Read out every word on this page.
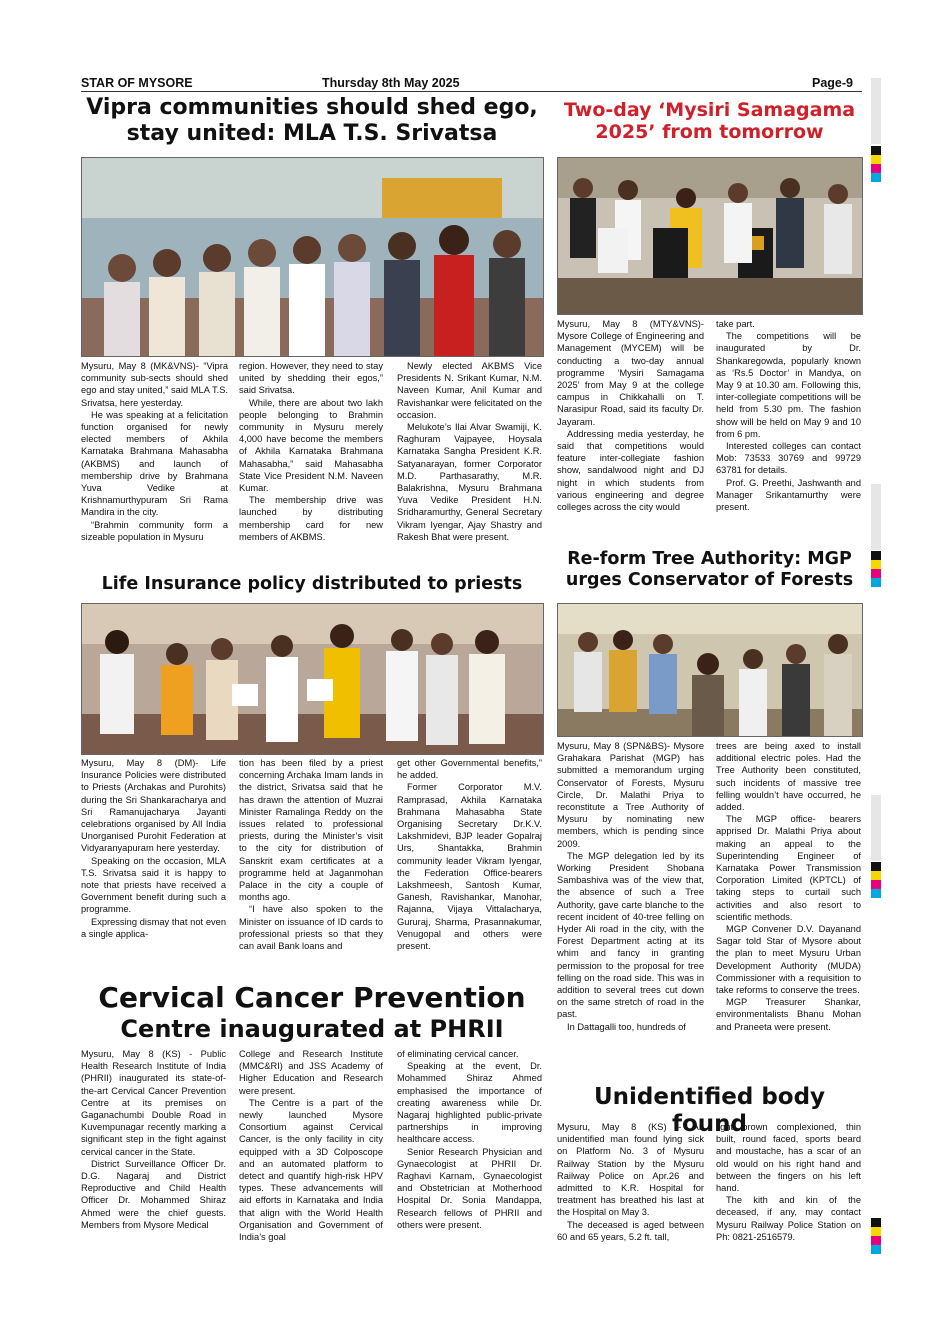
STAR OF MYSORE	Thursday 8th May 2025	Page-9
Vipra communities should shed ego,
stay united: MLA T.S. Srivatsa

Mysuru, May 8 (MK&VNS)- “Vipra community sub-sects should shed ego and stay united,” said MLA T.S. Srivatsa, here yesterday.

He was speaking at a felicitation function organised for newly elected members of Akhila Karnataka Brahmana Mahasabha (AKBMS) and launch of membership drive by Brahmana Yuva Vedike at Krishnamurthypuram Sri Rama Mandira in the city.

“Brahmin community form a sizeable population in Mysuru

region. However, they need to stay united by shedding their egos,” said Srivatsa.

While, there are about two lakh people belonging to Brahmin community in Mysuru merely 4,000 have become the members of Akhila Karnataka Brahmana Mahasabha,” said Mahasabha State Vice President N.M. Naveen Kumar.

The membership drive was launched by distributing membership card for new members of AKBMS.

Newly elected AKBMS Vice Presidents N. Srikant Kumar, N.M. Naveen Kumar, Anil Kumar and Ravishankar were felicitated on the occasion.

Melukote’s Ilai Alvar Swamiji, K. Raghuram Vajpayee, Hoysala Karnataka Sangha President K.R. Satyanarayan, former Corporator M.D. Parthasarathy, M.R. Balakrishna, Mysuru Brahmana Yuva Vedike President H.N. Sridharamurthy, General Secretary Vikram Iyengar, Ajay Shastry and Rakesh Bhat were present.

Two-day ‘Mysiri Samagama
2025’ from tomorrow

Mysuru, May 8 (MTY&VNS)- Mysore College of Engineering and Management (MYCEM) will be conducting a two-day annual programme ‘Mysiri Samagama 2025’ from May 9 at the college campus in Chikkahalli on T. Narasipur Road, said its faculty Dr. Jayaram.

Addressing media yesterday, he said that competitions would feature inter-collegiate fashion show, sandalwood night and DJ night in which students from various engineering and degree colleges across the city would

take part.

The competitions will be inaugurated by Dr. Shankaregowda, popularly known as ‘Rs.5 Doctor’ in Mandya, on May 9 at 10.30 am. Following this, inter-collegiate competitions will be held from 5.30 pm. The fashion show will be held on May 9 and 10 from 6 pm.

Interested colleges can contact Mob: 73533 30769 and 99729 63781 for details.

Prof. G. Preethi, Jashwanth and Manager Srikantamurthy were present.

Life Insurance policy distributed to priests

Mysuru, May 8 (DM)- Life Insurance Policies were distributed to Priests (Archakas and Purohits) during the Sri Shankaracharya and Sri Ramanujacharya Jayanti celebrations organised by All India Unorganised Purohit Federation at Vidyaranyapuram here yesterday.

Speaking on the occasion, MLA T.S. Srivatsa said it is happy to note that priests have received a Government benefit during such a programme.

Expressing dismay that not even a single applica-

tion has been filed by a priest concerning Archaka Imam lands in the district, Srivatsa said that he has drawn the attention of Muzrai Minister Ramalinga Reddy on the issues related to professional priests, during the Minister’s visit to the city for distribution of Sanskrit exam certificates at a programme held at Jaganmohan Palace in the city a couple of months ago.

“I have also spoken to the Minister on issuance of ID cards to professional priests so that they can avail Bank loans and

get other Governmental benefits,” he added.

Former Corporator M.V. Ramprasad, Akhila Karnataka Brahmana Mahasabha State Organising Secretary Dr.K.V. Lakshmidevi, BJP leader Gopalraj Urs, Shantakka, Brahmin community leader Vikram Iyengar, the Federation Office-bearers Lakshmeesh, Santosh Kumar, Ganesh, Ravishankar, Manohar, Rajanna, Vijaya Vittalacharya, Gururaj, Sharma, Prasannakumar, Venugopal and others were present.

Re-form Tree Authority: MGP
urges Conservator of Forests

Mysuru, May 8 (SPN&BS)- Mysore Grahakara Parishat (MGP) has submitted a memorandum urging Conservator of Forests, Mysuru Circle, Dr. Malathi Priya to reconstitute a Tree Authority of Mysuru by nominating new members, which is pending since 2009.

The MGP delegation led by its Working President Shobana Sambashiva was of the view that, the absence of such a Tree Authority, gave carte blanche to the recent incident of 40-tree felling on Hyder Ali road in the city, with the Forest Department acting at its whim and fancy in granting permission to the proposal for tree felling on the road side. This was in addition to several trees cut down on the same stretch of road in the past.

In Dattagalli too, hundreds of

trees are being axed to install additional electric poles. Had the Tree Authority been constituted, such incidents of massive tree felling wouldn’t have occurred, he added.

The MGP office- bearers apprised Dr. Malathi Priya about making an appeal to the Superintending Engineer of Karnataka Power Transmission Corporation Limited (KPTCL) of taking steps to curtail such activities and also resort to scientific methods.

MGP Convener D.V. Dayanand Sagar told Star of Mysore about the plan to meet Mysuru Urban Development Authority (MUDA) Commissioner with a requisition to take reforms to conserve the trees.

MGP Treasurer Shankar, environmentalists Bhanu Mohan and Praneeta were present.

Cervical Cancer Prevention
Centre inaugurated at PHRII

Mysuru, May 8 (KS) - Public Health Research Institute of India (PHRII) inaugurated its state-of-the-art Cervical Cancer Prevention Centre at its premises on Gaganachumbi Double Road in Kuvempunagar recently marking a significant step in the fight against cervical cancer in the State.

District Surveillance Officer Dr. D.G. Nagaraj and District Reproductive and Child Health Officer Dr. Mohammed Shiraz Ahmed were the chief guests. Members from Mysore Medical

College and Research Institute (MMC&RI) and JSS Academy of Higher Education and Research were present.

The Centre is a part of the newly launched Mysore Consortium against Cervical Cancer, is the only facility in city equipped with a 3D Colposcope and an automated platform to detect and quantify high-risk HPV types. These advancements will aid efforts in Karnataka and India that align with the World Health Organisation and Government of India’s goal

of eliminating cervical cancer.

Speaking at the event, Dr. Mohammed Shiraz Ahmed emphasised the importance of creating awareness while Dr. Nagaraj highlighted public-private partnerships in improving healthcare access.

Senior Research Physician and Gynaecologist at PHRII Dr. Raghavi Karnam, Gynaecologist and Obstetrician at Motherhood Hospital Dr. Sonia Mandappa, Research fellows of PHRII and others were present.

Unidentified body found

Mysuru, May 8 (KS) - An unidentified man found lying sick on Platform No. 3 of Mysuru Railway Station by the Mysuru Railway Police on Apr.26 and admitted to K.R. Hospital for treatment has breathed his last at the Hospital on May 3.

The deceased is aged between 60 and 65 years, 5.2 ft. tall,

light brown complexioned, thin built, round faced, sports beard and moustache, has a scar of an old would on his right hand and between the fingers on his left hand.

The kith and kin of the deceased, if any, may contact Mysuru Railway Police Station on Ph: 0821-2516579.
